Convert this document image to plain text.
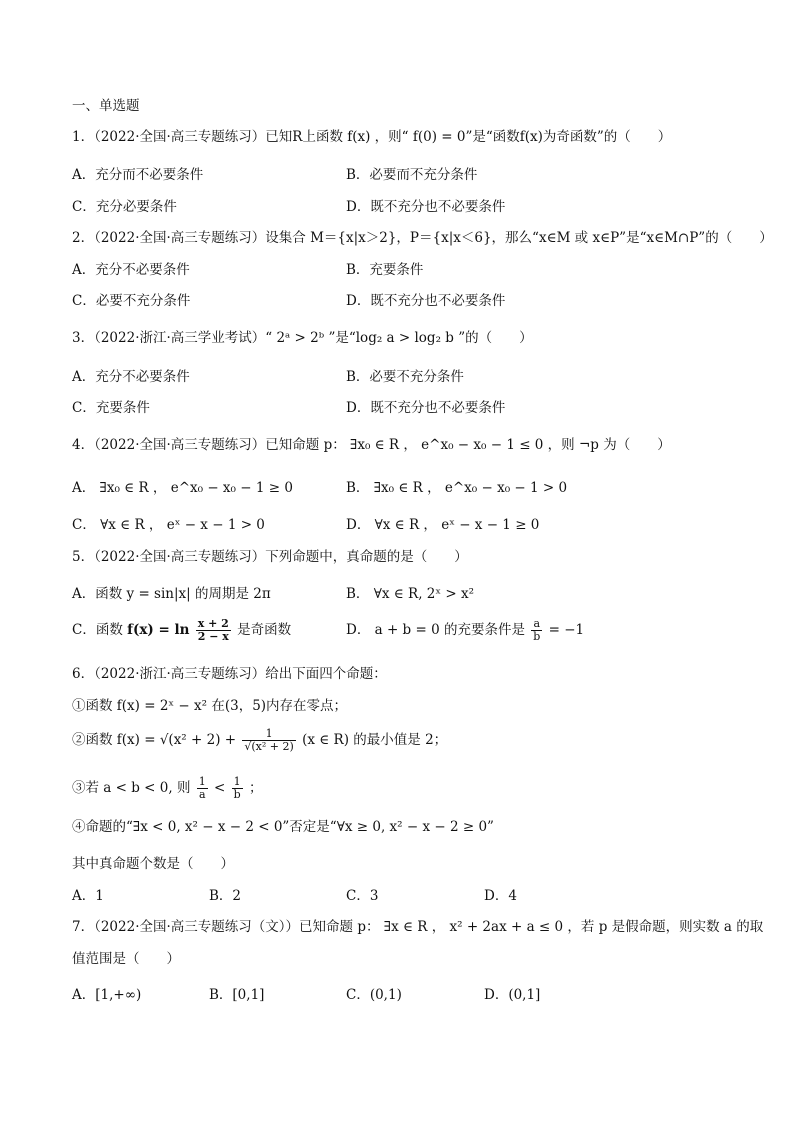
一、单选题
1．（2022·全国·高三专题练习）已知R上函数 f(x) ，则“ f(0) = 0”是“函数f(x)为奇函数”的（　　）
A．充分而不必要条件	B．必要而不充分条件
C．充分必要条件	D．既不充分也不必要条件
2．（2022·全国·高三专题练习）设集合 M＝{x|x＞2}，P＝{x|x＜6}，那么“x∈M 或 x∈P”是“x∈M∩P”的（　　）
A．充分不必要条件	B．充要条件
C．必要不充分条件	D．既不充分也不必要条件
3．（2022·浙江·高三学业考试）“ 2ᵃ > 2ᵇ ”是“log₂ a > log₂ b ”的（　　）
A．充分不必要条件	B．必要不充分条件
C．充要条件	D．既不充分也不必要条件
4．（2022·全国·高三专题练习）已知命题 p： ∃x₀ ∈ R ， e^x₀ − x₀ − 1 ≤ 0 ，则 ¬p 为（　　）
A． ∃x₀ ∈ R ， e^x₀ − x₀ − 1 ≥ 0	B． ∃x₀ ∈ R ， e^x₀ − x₀ − 1 > 0
C． ∀x ∈ R ， eˣ − x − 1 > 0	D． ∀x ∈ R ， eˣ − x − 1 ≥ 0
5．（2022·全国·高三专题练习）下列命题中，真命题的是（　　）
A．函数 y = sin|x| 的周期是 2π	B． ∀x ∈ R, 2ˣ > x²
C．函数 $f(x) = \ln \frac{x + 2}{2 - x}$ 是奇函数	D． a + b = 0 的充要条件是 $\frac{a}{b} = -1$
6．（2022·浙江·高三专题练习）给出下面四个命题：
①函数 f(x) = 2ˣ − x² 在(3，5)内存在零点；
②函数 $f(x) = √(x^2 + 2) + \frac{1}{\text{√(x² + 2)}} (x$ ∈ R) 的最小值是 2；
③若 a < b < 0, 则 $\frac{1}{a} < \frac{1}{b}$ ；
④命题的“∃x < 0, x² − x − 2 < 0”否定是“∀x ≥ 0, x² − x − 2 ≥ 0”
其中真命题个数是（　　）
A．1	B．2	C．3	D．4
7．（2022·全国·高三专题练习（文））已知命题 p： ∃x ∈ R ， x² + 2ax + a ≤ 0 ，若 p 是假命题，则实数 a 的取
值范围是（　　）
A．[1,+∞)	B．[0,1]	C．(0,1)	D．(0,1]
